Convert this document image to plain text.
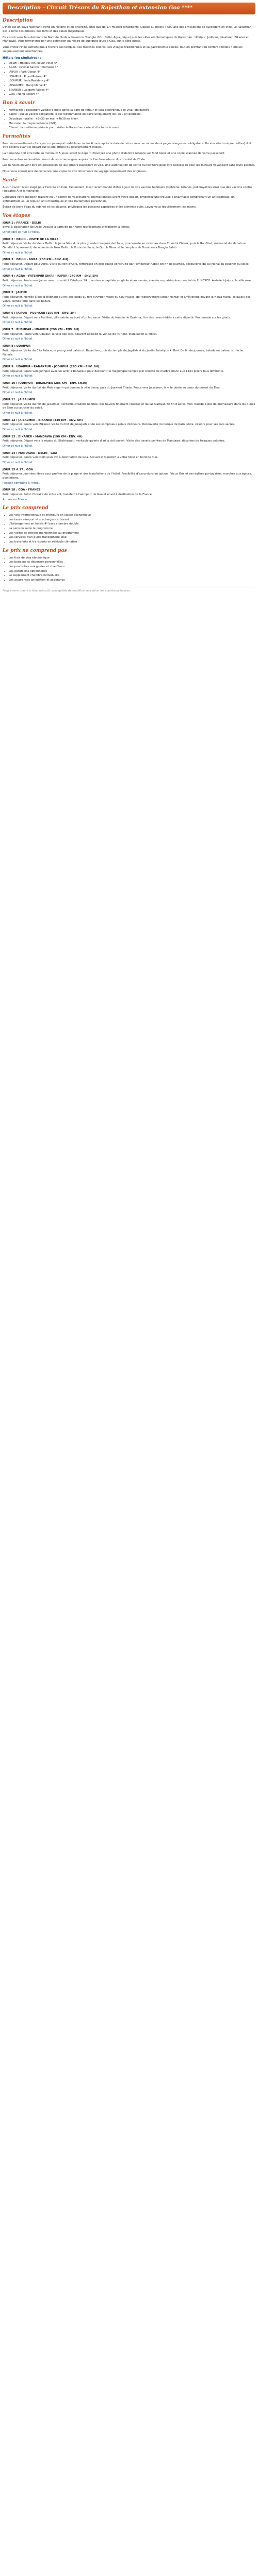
Description - Circuit Trésors du Rajasthan et extension Goa ****
Description

L'Inde est un pays fascinant, riche en histoire et en diversité, ainsi que de 1,4 milliard d'habitants. Depuis au moins 4 500 ans des civilisations se succèdent en Inde. Le Rajasthan est la terre des princes, des forts et des palais majestueux.

Ce circuit vous fera découvrir le Nord de l'Inde à travers le Triangle d'Or (Delhi, Agra, Jaipur) puis les villes emblématiques du Rajasthan : Udaipur, Jodhpur, Jaisalmer, Bikaner et Mandawa. Vous terminerez par une extension balnéaire de quelques jours à Goa, sur la côte ouest.

Vous vivrez l'Inde authentique à travers ses temples, ses marchés colorés, ses villages traditionnels et sa gastronomie épicée, tout en profitant du confort d'hôtels 4 étoiles soigneusement sélectionnés.

Hôtels (ou similaires) :
• DELHI : Holiday Inn Mayur Vihar 4*
• AGRA : Crystal Sarovar Premiere 4*
• JAIPUR : Park Ocean 4*
• UDAIPUR : Royal Retreat 4*
• JODHPUR : Inde Residency 4*
• JAISALMER : Rang Mahal 4*
• BIKANER : Lallgarh Palace 4*
• GOA : Nanu Resort 4*
Bon à savoir
• Formalités : passeport valable 6 mois après la date de retour et visa électronique (e-Visa) obligatoire.
• Santé : aucun vaccin obligatoire. Il est recommandé de boire uniquement de l'eau en bouteille.
• Décalage horaire : +3h30 en été, +4h30 en hiver.
• Monnaie : la roupie indienne (INR).
• Climat : la meilleure période pour visiter le Rajasthan s'étend d'octobre à mars.
Formalités

Pour les ressortissants français, un passeport valable au moins 6 mois après la date de retour avec au moins deux pages vierges est obligatoire. Un visa électronique (e-Visa) doit être obtenu avant le départ sur le site officiel du gouvernement indien.

La demande doit être faite au minimum 5 jours avant le départ. Prévoyez une photo d'identité récente sur fond blanc et une copie scannée de votre passeport.

Pour les autres nationalités, merci de vous renseigner auprès de l'ambassade ou du consulat de l'Inde.

Les mineurs doivent être en possession de leur propre passeport et visa. Une autorisation de sortie du territoire peut être nécessaire pour les mineurs voyageant sans leurs parents.

Nous vous conseillons de conserver une copie de vos documents de voyage séparément des originaux.

Santé

Aucun vaccin n'est exigé pour l'entrée en Inde. Cependant, il est recommandé d'être à jour de vos vaccins habituels (diphtérie, tétanos, poliomyélite) ainsi que des vaccins contre l'hépatite A et la typhoïde.

Consultez votre médecin traitant ou un centre de vaccinations internationales avant votre départ. Emportez une trousse à pharmacie comprenant un antiseptique, un antidiarrhéique, un répulsif anti-moustiques et vos traitements personnels.

Évitez de boire l'eau du robinet et les glaçons, privilégiez les boissons capsulées et les aliments cuits. Lavez-vous régulièrement les mains.

Vos étapes
JOUR 1 : FRANCE - DELHI

Envol à destination de Delhi. Accueil à l'arrivée par notre représentant et transfert à l'hôtel.

Dîner libre et nuit à l'hôtel.

JOUR 2 : DELHI - VISITE DE LA VILLE

Petit déjeuner. Visite du Vieux Delhi : la Jama Masjid, la plus grande mosquée de l'Inde, promenade en rickshaw dans Chandni Chowk, puis le Raj Ghat, mémorial du Mahatma Gandhi. L'après-midi, découverte de New Delhi : la Porte de l'Inde, le Qutub Minar et le temple sikh Gurudwara Bangla Sahib.

Dîner et nuit à l'hôtel.

JOUR 3 : DELHI - AGRA (200 KM - ENV. 4H)

Petit déjeuner. Départ pour Agra. Visite du fort d'Agra, forteresse en grès rouge construite par l'empereur Akbar. En fin de journée, découverte du Taj Mahal au coucher du soleil.

Dîner et nuit à l'hôtel.

JOUR 4 : AGRA - FATEHPUR SIKRI - JAIPUR (240 KM - ENV. 5H)

Petit déjeuner. Route vers Jaipur avec un arrêt à Fatehpur Sikri, ancienne capitale moghole abandonnée, classée au patrimoine mondial de l'UNESCO. Arrivée à Jaipur, la ville rose.

Dîner et nuit à l'hôtel.

JOUR 5 : JAIPUR

Petit déjeuner. Montée à dos d'éléphant ou en jeep jusqu'au fort d'Amber. Visite du City Palace, de l'observatoire Jantar Mantar et arrêt photo devant le Hawa Mahal, le palais des vents. Temps libre dans les bazars.

Dîner et nuit à l'hôtel.

JOUR 6 : JAIPUR - PUSHKAR (150 KM - ENV. 3H)

Petit déjeuner. Départ vers Pushkar, ville sainte au bord d'un lac sacré. Visite du temple de Brahma, l'un des rares dédiés à cette divinité. Promenade sur les ghats.

Dîner et nuit à l'hôtel.

JOUR 7 : PUSHKAR - UDAIPUR (290 KM - ENV. 6H)

Petit déjeuner. Route vers Udaipur, la ville des lacs, souvent appelée la Venise de l'Orient. Installation à l'hôtel.

Dîner et nuit à l'hôtel.

JOUR 8 : UDAIPUR

Petit déjeuner. Visite du City Palace, le plus grand palais du Rajasthan, puis du temple de Jagdish et du jardin Saheliyon ki Bari. En fin de journée, balade en bateau sur le lac Pichola.

Dîner et nuit à l'hôtel.

JOUR 9 : UDAIPUR - RANAKPUR - JODHPUR (260 KM - ENV. 6H)

Petit déjeuner. Route vers Jodhpur avec un arrêt à Ranakpur pour découvrir le magnifique temple jaïn sculpté de marbre blanc aux 1444 piliers tous différents.

Dîner et nuit à l'hôtel.

JOUR 10 : JODHPUR - JAISALMER (285 KM - ENV. 5H30)

Petit déjeuner. Visite du fort de Mehrangarh qui domine la ville bleue, puis du Jaswant Thada. Route vers Jaisalmer, la ville dorée au cœur du désert du Thar.

Dîner et nuit à l'hôtel.

JOUR 11 : JAISALMER

Petit déjeuner. Visite du fort de Jaisalmer, véritable citadelle habitée, des havelis finement ciselées et du lac Gadisar. En fin d'après-midi, balade à dos de dromadaire dans les dunes de Sam au coucher du soleil.

Dîner et nuit à l'hôtel.

JOUR 12 : JAISALMER - BIKANER (330 KM - ENV. 6H)

Petit déjeuner. Route vers Bikaner. Visite du fort de Junagarh et de ses somptueux palais intérieurs. Découverte du temple de Karni Mata, célèbre pour ses rats sacrés.

Dîner et nuit à l'hôtel.

JOUR 13 : BIKANER - MANDAWA (190 KM - ENV. 4H)

Petit déjeuner. Départ vers la région du Shekhawati, véritable galerie d'art à ciel ouvert. Visite des havelis peintes de Mandawa, décorées de fresques colorées.

Dîner et nuit à l'hôtel.

JOUR 14 : MANDAWA - DELHI - GOA

Petit déjeuner. Route vers Delhi puis vol à destination de Goa. Accueil et transfert à votre hôtel en bord de mer.

Dîner et nuit à l'hôtel.

JOUR 15 À 17 : GOA

Petit déjeuner. Journées libres pour profiter de la plage et des installations de l'hôtel. Possibilité d'excursions en option : Vieux Goa et ses églises portugaises, marchés aux épices, plantations.

Pension complète à l'hôtel.

JOUR 18 : GOA - FRANCE

Petit déjeuner. Selon l'horaire de votre vol, transfert à l'aéroport de Goa et envol à destination de la France.

Arrivée en France.

Le prix comprend
• Les vols internationaux et intérieurs en classe économique
• Les taxes aéroport et surcharges carburant
• L'hébergement en hôtels 4* base chambre double
• La pension selon le programme
• Les visites et entrées mentionnées au programme
• Les services d'un guide francophone local
• Les transferts et transports en véhicule climatisé
Le prix ne comprend pas
• Les frais de visa électronique
• Les boissons et dépenses personnelles
• Les pourboires aux guides et chauffeurs
• Les excursions optionnelles
• Le supplément chambre individuelle
• Les assurances annulation et assistance
Programme donné à titre indicatif, susceptible de modifications selon les conditions locales.
